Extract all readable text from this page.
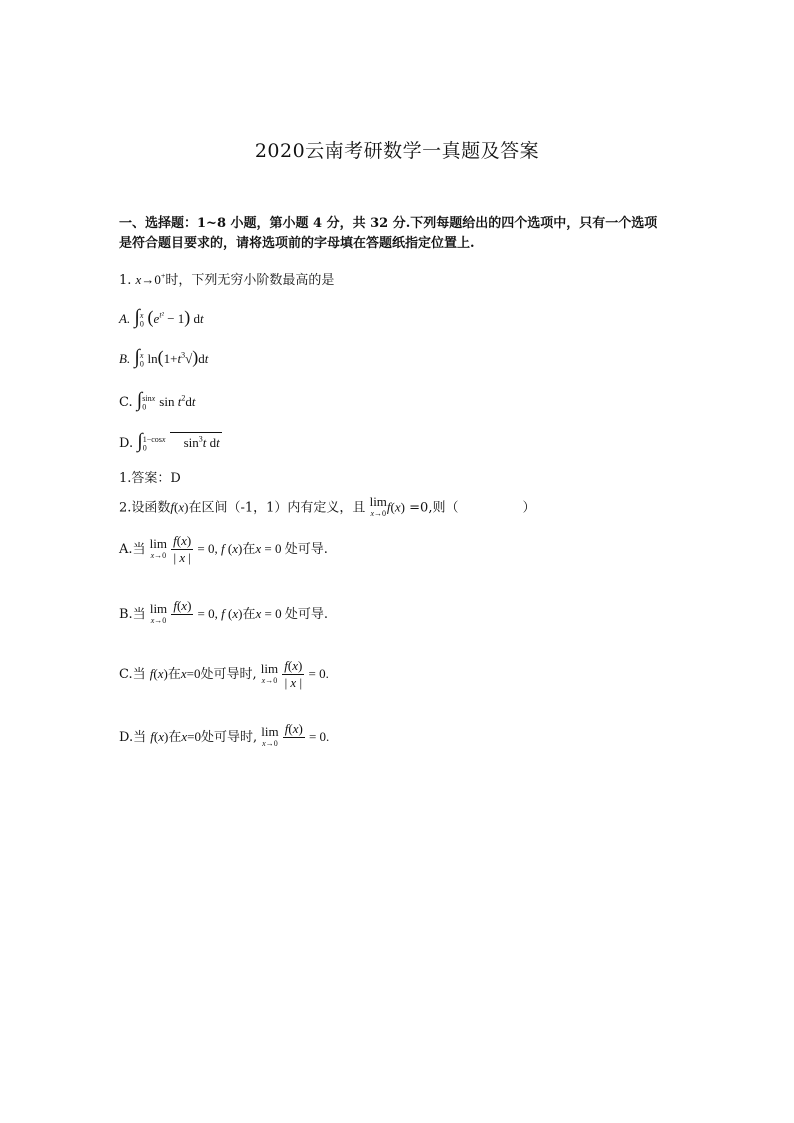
2020云南考研数学一真题及答案
一、选择题：1~8 小题，第小题 4 分，共 32 分.下列每题给出的四个选项中，只有一个选项
是符合题目要求的，请将选项前的字母填在答题纸指定位置上.
1. x→0+时，下列无穷小阶数最高的是
A. $\int_0^x$ $(e^{t^2} - 1)$ dt
B. $\int_0^x$ $\ln(1+t^3√)dt$
C. $\int_0^{sinx}$ $\sin t^2dt$
D. $\int_0^{1-cosx}$ $\sin^3t$ dt
1.答案：D
2.设函数f(x)在区间（-1，1）内有定义，且 lim
x→0 f(x) =0,则（	）
A.当 lim
x→0
$\frac{f(x)}{| x |} = 0$, f (x)在x = 0 处可导.
B.当 lim
x→0

f(x)

= 0, f (x)在x = 0 处可导.
C.当 f(x)在x=0处可导时, lim
x→0
$\frac{f(x)}{| x |} = 0$.
D.当 f(x)在x=0处可导时, lim
x→0

f(x)

= 0.
